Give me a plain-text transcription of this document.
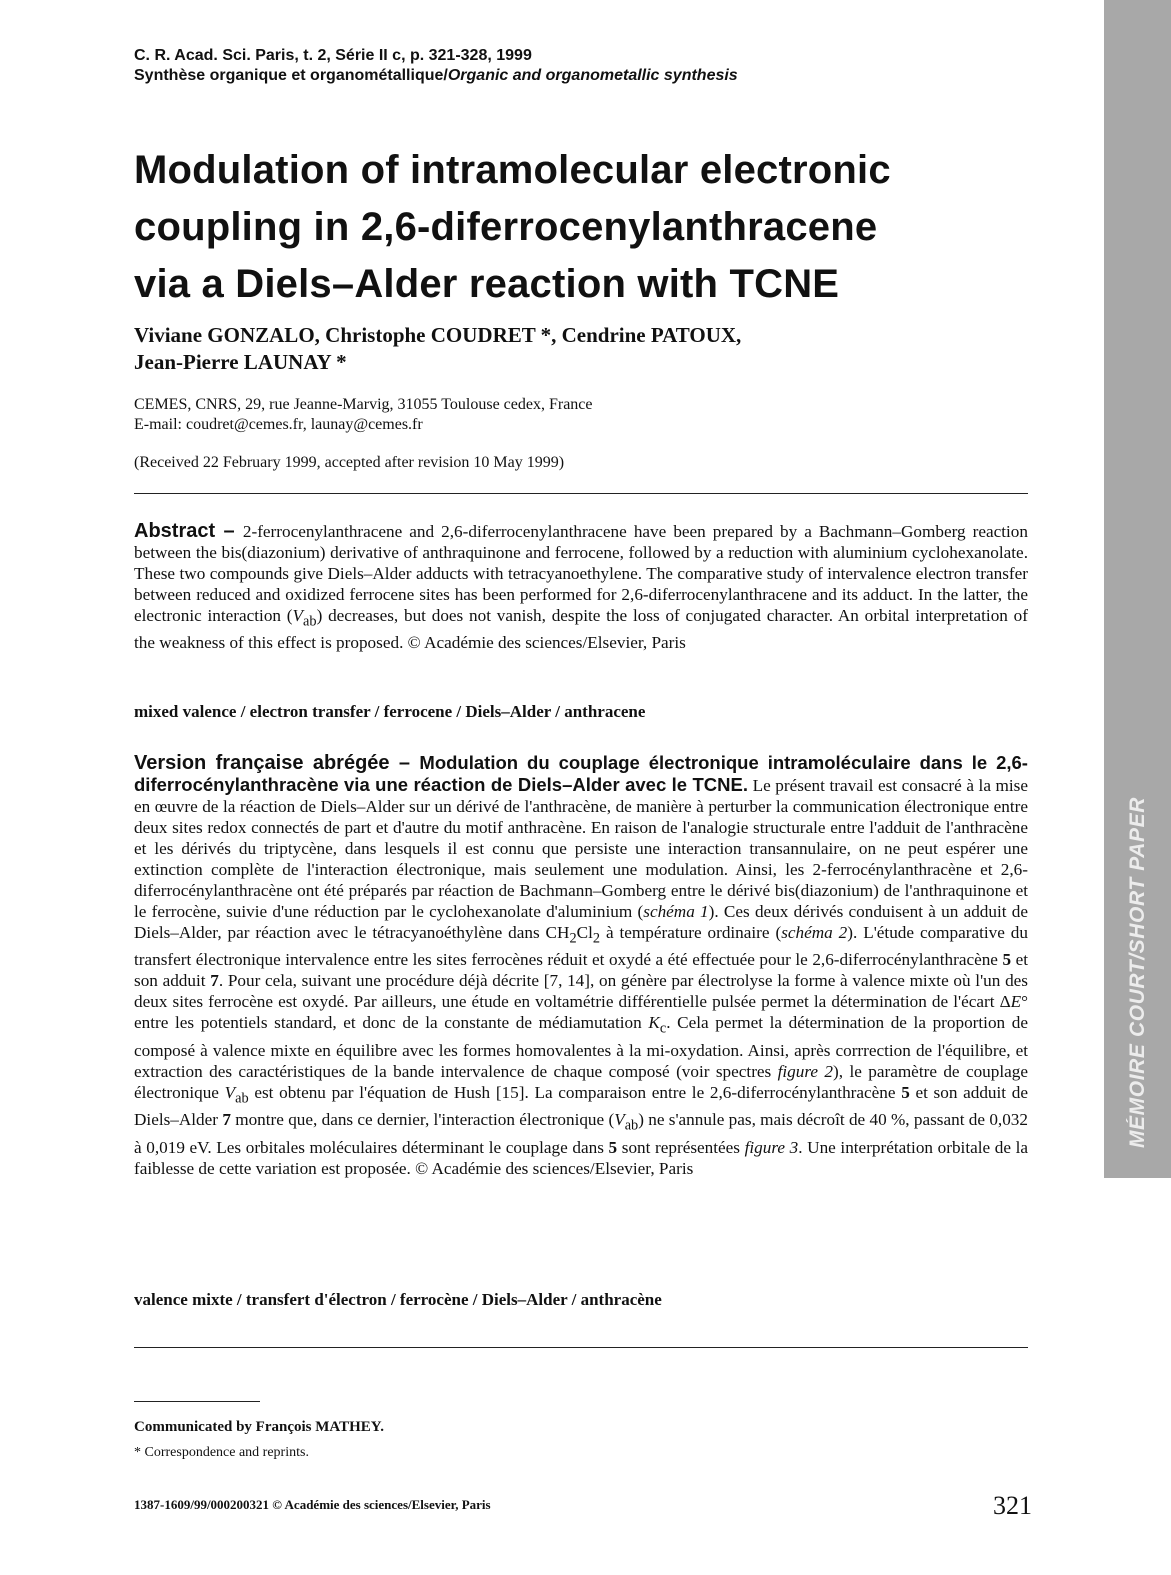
C. R. Acad. Sci. Paris, t. 2, Série II c, p. 321-328, 1999
Synthèse organique et organométallique/Organic and organometallic synthesis
Modulation of intramolecular electronic
coupling in 2,6-diferrocenylanthracene
via a Diels–Alder reaction with TCNE
Viviane GONZALO, Christophe COUDRET *, Cendrine PATOUX,
Jean-Pierre LAUNAY *
CEMES, CNRS, 29, rue Jeanne-Marvig, 31055 Toulouse cedex, France
E-mail: coudret@cemes.fr, launay@cemes.fr
(Received 22 February 1999, accepted after revision 10 May 1999)
Abstract – 2-ferrocenylanthracene and 2,6-diferrocenylanthracene have been prepared by a Bachmann–Gomberg reaction between the bis(diazonium) derivative of anthraquinone and ferrocene, followed by a reduction with aluminium cyclohexanolate. These two compounds give Diels–Alder adducts with tetracyanoethylene. The comparative study of intervalence electron transfer between reduced and oxidized ferrocene sites has been performed for 2,6-diferrocenylanthracene and its adduct. In the latter, the electronic interaction $(V_{ab})$ decreases, but does not vanish, despite the loss of conjugated character. An orbital interpretation of the weakness of this effect is proposed. © Académie des sciences/Elsevier, Paris
mixed valence / electron transfer / ferrocene / Diels–Alder / anthracene
Version française abrégée – Modulation du couplage électronique intramoléculaire dans le 2,6-diferrocénylanthracène via une réaction de Diels–Alder avec le TCNE. Le présent travail est consacré à la mise en œuvre de la réaction de Diels–Alder sur un dérivé de l'anthracène, de manière à perturber la communication électronique entre deux sites redox connectés de part et d'autre du motif anthracène. En raison de l'analogie structurale entre l'adduit de l'anthracène et les dérivés du triptycène, dans lesquels il est connu que persiste une interaction transannulaire, on ne peut espérer une extinction complète de l'interaction électronique, mais seulement une modulation. Ainsi, les 2-ferrocénylanthracène et 2,6-diferrocénylanthracène ont été préparés par réaction de Bachmann–Gomberg entre le dérivé bis(diazonium) de l'anthraquinone et le ferrocène, suivie d'une réduction par le cyclohexanolate d'aluminium (schéma 1). Ces deux dérivés conduisent à un adduit de Diels–Alder, par réaction avec le tétracyanoéthylène dans $CH_2Cl_2$ à température ordinaire (schéma 2). L'étude comparative du transfert électronique intervalence entre les sites ferrocènes réduit et oxydé a été effectuée pour le 2,6-diferrocénylanthracène 5 et son adduit 7. Pour cela, suivant une procédure déjà décrite [7, 14], on génère par électrolyse la forme à valence mixte où l'un des deux sites ferrocène est oxydé. Par ailleurs, une étude en voltamétrie différentielle pulsée permet la détermination de l'écart ΔE° entre les potentiels standard, et donc de la constante de médiamutation $K_c$. Cela permet la détermination de la proportion de composé à valence mixte en équilibre avec les formes homovalentes à la mi-oxydation. Ainsi, après corrrection de l'équilibre, et extraction des caractéristiques de la bande intervalence de chaque composé (voir spectres figure 2), le paramètre de couplage électronique $V_{ab}$ est obtenu par l'équation de Hush [15]. La comparaison entre le 2,6-diferrocénylanthracène 5 et son adduit de Diels–Alder 7 montre que, dans ce dernier, l'interaction électronique $(V_{ab})$ ne s'annule pas, mais décroît de 40 %, passant de 0,032 à 0,019 eV. Les orbitales moléculaires déterminant le couplage dans 5 sont représentées figure 3. Une interprétation orbitale de la faiblesse de cette variation est proposée. © Académie des sciences/Elsevier, Paris
valence mixte / transfert d'électron / ferrocène / Diels–Alder / anthracène
Communicated by François MATHEY.
* Correspondence and reprints.
1387-1609/99/000200321 © Académie des sciences/Elsevier, Paris	321
MÉMOIRE COURT/SHORT PAPER
